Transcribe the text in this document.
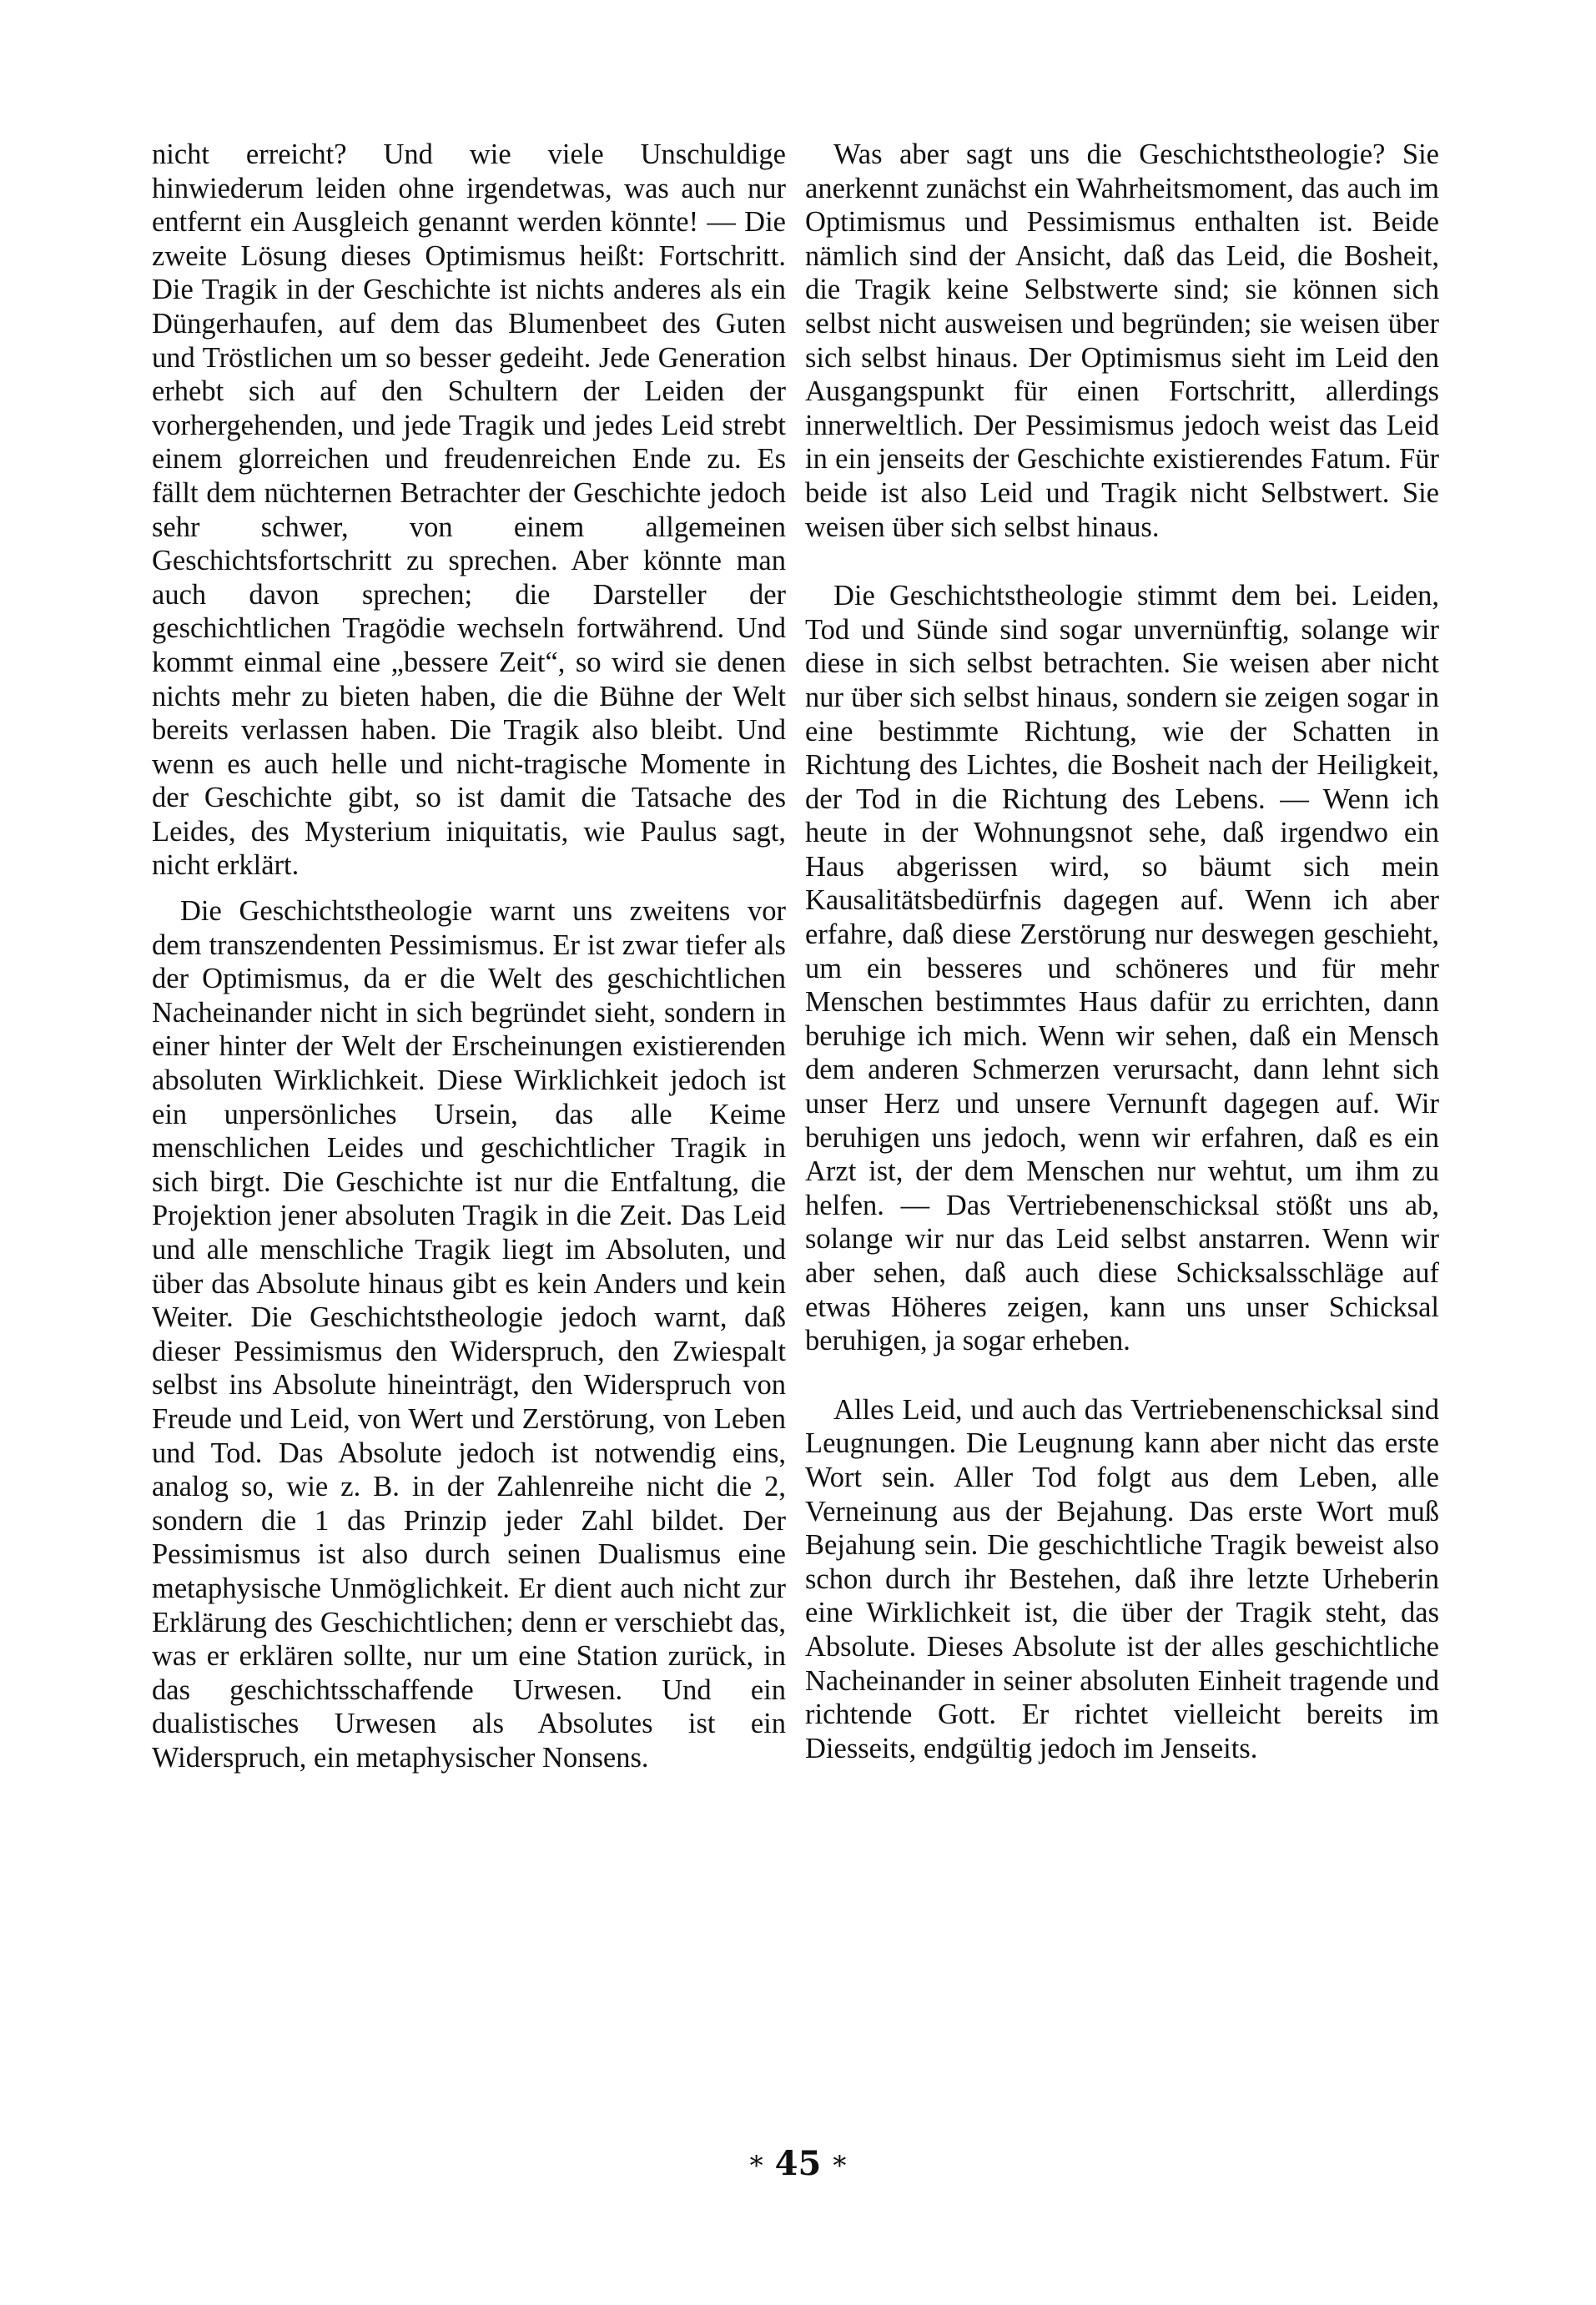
nicht erreicht? Und wie viele Unschuldige hinwiederum leiden ohne irgendetwas, was auch nur entfernt ein Ausgleich genannt werden könnte! — Die zweite Lösung dieses Optimismus heißt: Fortschritt. Die Tragik in der Geschichte ist nichts anderes als ein Düngerhaufen, auf dem das Blumenbeet des Guten und Tröstlichen um so besser gedeiht. Jede Generation erhebt sich auf den Schultern der Leiden der vorhergehenden, und jede Tragik und jedes Leid strebt einem glorreichen und freudenreichen Ende zu. Es fällt dem nüchternen Betrachter der Geschichte jedoch sehr schwer, von einem allgemeinen Geschichtsfortschritt zu sprechen. Aber könnte man auch davon sprechen; die Darsteller der geschichtlichen Tragödie wechseln fortwährend. Und kommt einmal eine „bessere Zeit“, so wird sie denen nichts mehr zu bieten haben, die die Bühne der Welt bereits verlassen haben. Die Tragik also bleibt. Und wenn es auch helle und nicht-tragische Momente in der Geschichte gibt, so ist damit die Tatsache des Leides, des Mysterium iniquitatis, wie Paulus sagt, nicht erklärt.

Die Geschichtstheologie warnt uns zweitens vor dem transzendenten Pessimismus. Er ist zwar tiefer als der Optimismus, da er die Welt des geschichtlichen Nacheinander nicht in sich begründet sieht, sondern in einer hinter der Welt der Erscheinungen existierenden absoluten Wirklichkeit. Diese Wirklichkeit jedoch ist ein unpersönliches Ursein, das alle Keime menschlichen Leides und geschichtlicher Tragik in sich birgt. Die Geschichte ist nur die Entfaltung, die Projektion jener absoluten Tragik in die Zeit. Das Leid und alle menschliche Tragik liegt im Absoluten, und über das Absolute hinaus gibt es kein Anders und kein Weiter. Die Geschichtstheologie jedoch warnt, daß dieser Pessimismus den Widerspruch, den Zwiespalt selbst ins Absolute hineinträgt, den Widerspruch von Freude und Leid, von Wert und Zerstörung, von Leben und Tod. Das Absolute jedoch ist notwendig eins, analog so, wie z. B. in der Zahlenreihe nicht die 2, sondern die 1 das Prinzip jeder Zahl bildet. Der Pessimismus ist also durch seinen Dualismus eine metaphysische Unmöglichkeit. Er dient auch nicht zur Erklärung des Geschichtlichen; denn er verschiebt das, was er erklären sollte, nur um eine Station zurück, in das geschichtsschaffende Urwesen. Und ein dualistisches Urwesen als Absolutes ist ein Widerspruch, ein metaphysischer Nonsens.

Was aber sagt uns die Geschichtstheologie? Sie anerkennt zunächst ein Wahrheitsmoment, das auch im Optimismus und Pessimismus enthalten ist. Beide nämlich sind der Ansicht, daß das Leid, die Bosheit, die Tragik keine Selbstwerte sind; sie können sich selbst nicht ausweisen und begründen; sie weisen über sich selbst hinaus. Der Optimismus sieht im Leid den Ausgangspunkt für einen Fortschritt, allerdings innerweltlich. Der Pessimismus jedoch weist das Leid in ein jenseits der Geschichte existierendes Fatum. Für beide ist also Leid und Tragik nicht Selbstwert. Sie weisen über sich selbst hinaus.

Die Geschichtstheologie stimmt dem bei. Leiden, Tod und Sünde sind sogar unvernünftig, solange wir diese in sich selbst betrachten. Sie weisen aber nicht nur über sich selbst hinaus, sondern sie zeigen sogar in eine bestimmte Richtung, wie der Schatten in Richtung des Lichtes, die Bosheit nach der Heiligkeit, der Tod in die Richtung des Lebens. — Wenn ich heute in der Wohnungsnot sehe, daß irgendwo ein Haus abgerissen wird, so bäumt sich mein Kausalitätsbedürfnis dagegen auf. Wenn ich aber erfahre, daß diese Zerstörung nur deswegen geschieht, um ein besseres und schöneres und für mehr Menschen bestimmtes Haus dafür zu errichten, dann beruhige ich mich. Wenn wir sehen, daß ein Mensch dem anderen Schmerzen verursacht, dann lehnt sich unser Herz und unsere Vernunft dagegen auf. Wir beruhigen uns jedoch, wenn wir erfahren, daß es ein Arzt ist, der dem Menschen nur wehtut, um ihm zu helfen. — Das Vertriebenenschicksal stößt uns ab, solange wir nur das Leid selbst anstarren. Wenn wir aber sehen, daß auch diese Schicksalsschläge auf etwas Höheres zeigen, kann uns unser Schicksal beruhigen, ja sogar erheben.

Alles Leid, und auch das Vertriebenenschicksal sind Leugnungen. Die Leugnung kann aber nicht das erste Wort sein. Aller Tod folgt aus dem Leben, alle Verneinung aus der Bejahung. Das erste Wort muß Bejahung sein. Die geschichtliche Tragik beweist also schon durch ihr Bestehen, daß ihre letzte Urheberin eine Wirklichkeit ist, die über der Tragik steht, das Absolute. Dieses Absolute ist der alles geschichtliche Nacheinander in seiner absoluten Einheit tragende und richtende Gott. Er richtet vielleicht bereits im Diesseits, endgültig jedoch im Jenseits.

* 45 *
